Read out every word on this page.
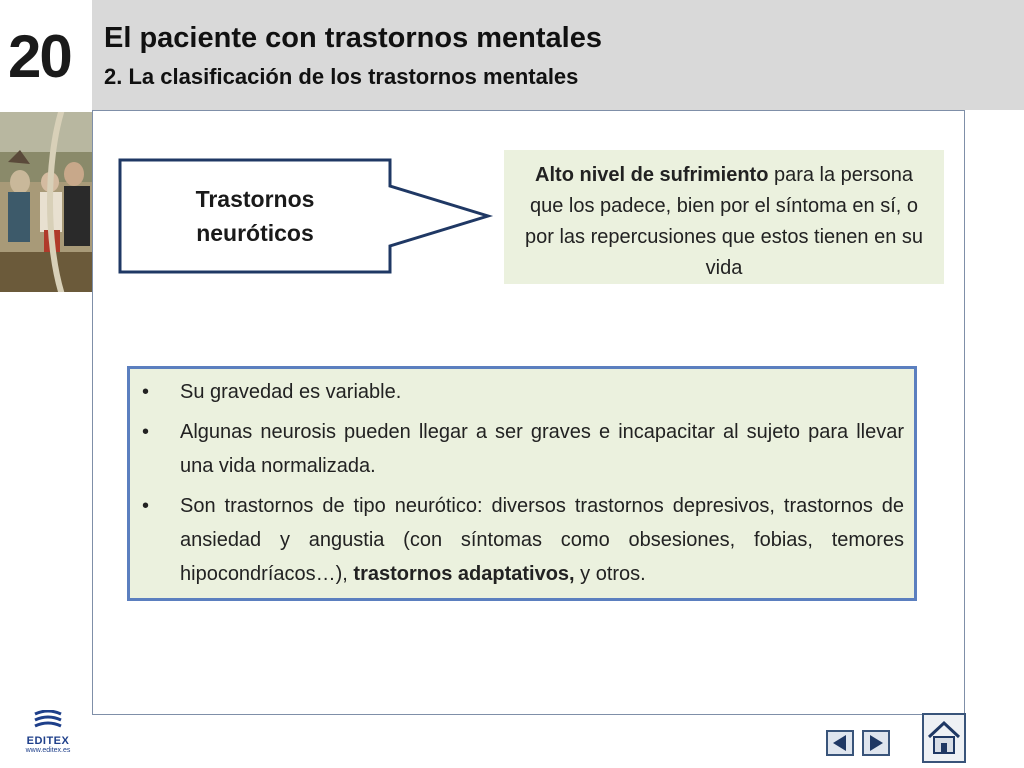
20 El paciente con trastornos mentales
2. La clasificación de los trastornos mentales
Trastornos
neuróticos
Alto nivel de sufrimiento para la persona que los padece, bien por el síntoma en sí, o por las repercusiones que estos tienen en su vida
•	Su gravedad es variable.
•	Algunas neurosis pueden llegar a ser graves e incapacitar al sujeto para llevar una vida normalizada.
•	Son trastornos de tipo neurótico: diversos trastornos depresivos, trastornos de ansiedad y angustia (con síntomas como obsesiones, fobias, temores hipocondríacos…), trastornos adaptativos, y otros.
EDITEX
www.editex.es
